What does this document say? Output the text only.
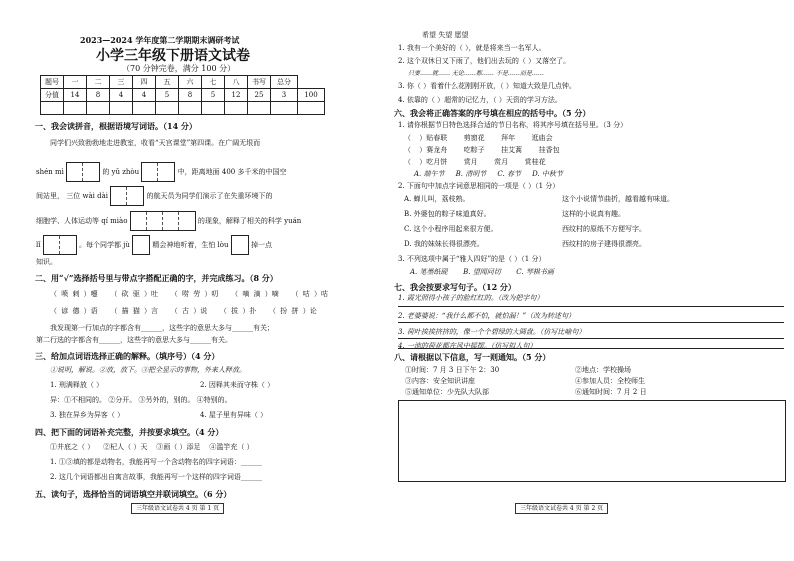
2023—2024 学年度第二学期期末调研考试
小学三年级下册语文试卷
（70 分钟完卷，满分 100 分）
题号	一	二	三	四	五	六	七	八	书写	总分	
分值	14	8	4	4	5	8	5	12	25	3	100

一、我会读拼音，根据语境写词语。（14 分）
同学们兴致勃勃地走进教室，收看“天宫课堂”第四课。在广阔无垠而
shén mì	的 yǔ zhòu	中，距离地面 400 多千米的中国空
间站里， 三位 wài dài	的航天员为同学们演示了在失重环境下的
细胞学、人体运动等 qí miào	的现象，解释了相关的科学 yuán
lǐ	。每个同学都 jù	精会神地听着，生怕 lòu	掉一点
知识。
二、用“√”选择括号里与带点字搭配正确的字，并完成练习。（8 分）
（ 喷 刺 ）嚏 （ 砍 驱 ）吐 （ 唠 劳 ）叨 （ 嘀 滴 ）嘀 （ 咕 ）咕
（ 谚 德 ）语 （ 描 猫 ）言 （ 古 ）说 （ 拔 ）扑 （ 扮 拼 ）论
我发现第一行加点的字都含有______，这些字的意思大多与______有关；
第二行选的字都含有______，这些字的意思大多与______有关。
三、给加点词语选择正确的解释。（填序号）（4 分）
①说明，解说。②放，放下。③把全显示的事物，外来人释放。
1. 刑满释放（ ）	2. 因释其耒而守株（ ）
异：①不相同的。 ②分开。 ③另外的，别的。 ④特别的。
3. 独在异乡为异客（ ）	4. 屋子里有异味（ ）
四、把下面的词语补充完整，并按要求填空。（4 分）
①井底之（ ） ②杞人（ ）天 ③画（ ）添足 ④滥竽充（ ）
1. ①③填的都是动物名，我能再写一个含动物名的四字词语：______
2. 这几个词语都出自寓言故事，我能再写一个这样的四字词语______
五、读句子，选择恰当的词语填空并联词填空。（6 分）
三年级语文试卷共 4 页 第 1 页
希望 失望 愿望
1. 我有一个美好的（ ），就是将来当一名军人。
2. 这个双休日又下雨了，他们出去玩的（ ）又落空了。
只要……就…… 无论……都…… 不是……而是……
3. 你（ ）看着什么花刚刚开放，（ ）知道大致是几点钟。
4. 依靠的（ ）超常的记忆力，（ ）天资的学习方法。
六、我会将正确答案的序号填在相应的括号中。（5 分）
1. 请你根据节日特色选择合适的节日名称，将其序号填在括号里。（3 分）
（ ）贴春联 剪窗花 拜年 逛庙会
（ ）赛龙舟 吃粽子 挂艾蒿 挂香包
（ ）吃月饼 赏月 赏月 赏桂花
A. 端午节 B. 清明节 C. 春节 D. 中秋节
2. 下面句中加点字词意思相同的一项是（ ）（1 分）
A. 蝉儿叫，荔枝熟。	这个小说情节曲折，越看越有味道。
B. 外婆包的粽子味道真好。	这样的小说真有趣。
C. 这个小程序用起来很方便。	西纹村的原纸不方便写字。
D. 我的妹妹长得很漂亮。	西纹村的房子建得很漂亮。
3. 不列选项中属于“雅人四好”的是（ ）（1 分）
A. 笔墨纸砚 B. 望闻问切 C. 琴棋书画
七、我会按要求写句子。（12 分）
1. 霞光照得小孩子的脸红红的。（改为把字句）
2. 老婆婆说：“我什么都不怕，就怕漏！”（改为转述句）
3. 荷叶挨挨挤挤的，像一个个碧绿的大圆盘。（仿写比喻句）
4. 一池的荷花都在风中摇摆。（仿写拟人句）
八、请根据以下信息，写一则通知。（5 分）
①时间：7 月 3 日下午 2：30	②地点：学校操场
③内容：安全知识讲座	④参加人员：全校师生
⑤通知单位：少先队大队部	⑥通知时间：7 月 2 日
三年级语文试卷共 4 页 第 2 页
